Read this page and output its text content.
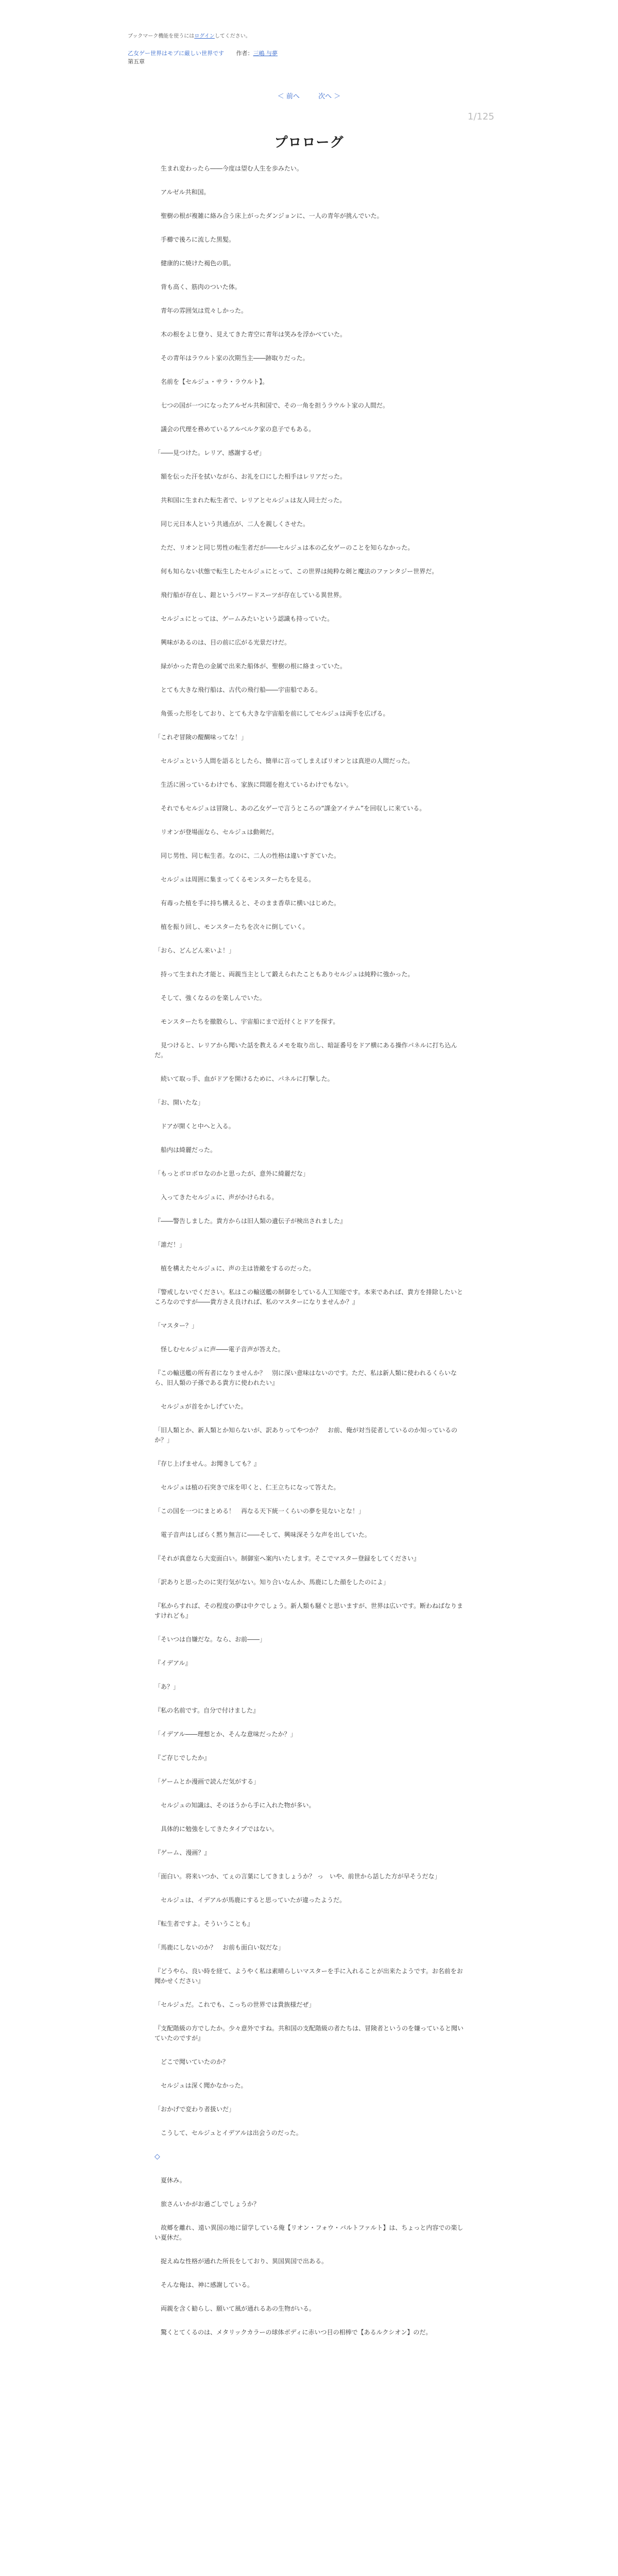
ブックマーク機能を使うにはログインしてください。
乙女ゲー世界はモブに厳しい世界です 作者：三嶋 与夢
第五章
＜ 前へ	次へ ＞
1/125
プロローグ

　生まれ変わったら――今度は望む人生を歩みたい。

　アルゼル共和国。

　聖樹の根が複雑に絡み合う床上がったダンジョンに、一人の青年が挑んでいた。

　手櫛で後ろに流した黒髪。

　健康的に焼けた褐色の肌。

　背も高く、筋肉のついた体。

　青年の雰囲気は荒々しかった。

　木の根をよじ登り、見えてきた青空に青年は笑みを浮かべていた。

　その青年はラウルト家の次期当主――跡取りだった。

　名前を【セルジュ・サラ・ラウルト】。

　七つの国が一つになったアルゼル共和国で、その一角を担うラウルト家の人間だ。

　議会の代理を務めているアルベルク家の息子でもある。

「――見つけた。レリア、感謝するぜ」

　額を伝った汗を拭いながら、お礼を口にした相手はレリアだった。

　共和国に生まれた転生者で、レリアとセルジュは友人同士だった。

　同じ元日本人という共通点が、二人を親しくさせた。

　ただ、リオンと同じ男性の転生者だが――セルジュは本の乙女ゲーのことを知らなかった。

　何も知らない状態で転生したセルジュにとって、この世界は純粋な剣と魔法のファンタジー世界だ。

　飛行船が存在し、鎧というパワードスーツが存在している異世界。

　セルジュにとっては、ゲームみたいという認識も持っていた。

　興味があるのは、目の前に広がる光景だけだ。

　緑がかった青色の金属で出来た船体が、聖樹の根に絡まっていた。

　とても大きな飛行船は、古代の飛行船――宇宙船である。

　角張った形をしており、とても大きな宇宙船を前にしてセルジュは両手を広げる。

「これぞ冒険の醍醐味ってな！」

　セルジュという人間を語るとしたら、簡単に言ってしまえばリオンとは真逆の人間だった。

　生活に困っているわけでも、家族に問題を抱えているわけでもない。

　それでもセルジュは冒険し、あの乙女ゲーで言うところの“課金アイテム”を回収しに来ている。

　リオンが登場面なら、セルジュは動剣だ。

　同じ男性、同じ転生者。なのに、二人の性格は違いすぎていた。

　セルジュは周囲に集まってくるモンスターたちを見る。

　有毒った植を手に持ち構えると、そのまま香草に横いはじめた。

　植を振り回し、モンスターたちを次々に倒していく。

「おら、どんどん来いよ！」

　持って生まれた才能と、両親当主として鍛えられたこともありセルジュは純粋に強かった。

　そして、強くなるのを楽しんでいた。

　モンスターたちを撤散らし、宇宙船にまで近付くとドアを探す。

　見つけると、レリアから聞いた話を教えるメモを取り出し、暗証番号をドア横にある操作パネルに打ち込んだ。

　続いて取っ手、血がドアを開けるために、パネルに打撃した。

「お、開いたな」

　ドアが開くと中へと入る。

　船内は綺麗だった。

「もっとボロボロなのかと思ったが、意外に綺麗だな」

　入ってきたセルジュに、声がかけられる。

『――警告しました。貴方からは旧人類の遺伝子が検出されました』

「誰だ！」

　植を構えたセルジュに、声の主は皆敵をするのだった。

『警戒しないでください。私はこの輸送艦の制御をしている人工知能です。本来であれば、貴方を排除したいところなのですが――貴方さえ良ければ、私のマスターになりませんか？』

「マスター？」

　怪しむセルジュに声――電子音声が答えた。

『この輸送艦の所有者になりませんか？　別に深い意味はないのです。ただ、私は新人類に使われるくらいなら、旧人類の子孫である貴方に使われたい』

　セルジュが首をかしげていた。

「旧人類とか、新人類とか知らないが、訳ありってやつか？　お前、俺が対当従者しているのか知っているのか？」

『存じ上げません。お聞きしても？』

　セルジュは植の石突きで床を叩くと、仁王立ちになって答えた。

「この国を一つにまとめる！　再なる天下統一くらいの夢を見ないとな！」

　電子音声はしばらく黙り無言に――そして、興味深そうな声を出していた。

『それが真意なら大変面白い。制御室へ案内いたします。そこでマスター登録をしてください』

「訳ありと思ったのに実行気がない。知り合いなんか、馬鹿にした顔をしたのによ」

『私からすれば、その程度の夢は中クでしょう。新人類も騒ぐと思いますが、世界は広いです。断わねばなりますけれども』

「そいつは自嫌だな。なら、お前――」

『イデアル』

「あ？」

『私の名前です。自分で付けました』

「イデアル――理想とか、そんな意味だったか？」

『ご存じでしたか』

「ゲームとか漫画で読んだ気がする」

　セルジュの知識は、そのほうから手に入れた物が多い。

　具体的に勉強をしてきたタイプではない。

『ゲーム、漫画？』

「面白い。将来いつか、てぇの言葉にしてきましょうか？ っ　いや、前世から話した方が早そうだな」

　セルジュは、イデアルが馬鹿にすると思っていたが違ったようだ。

『転生者ですよ。そういうことも』

「馬鹿にしないのか？　お前も面白い奴だな」

『どうやら、良い時を経て、ようやく私は素晴らしいマスターを手に入れることが出来たようです。お名前をお聞かせください』

「セルジュだ。これでも、こっちの世界では貴族様だぜ」

『支配階級の方でしたか。少々意外ですね。共和国の支配階級の者たちは、冒険者というのを嫌っていると聞いていたのですが』

　どこで聞いていたのか？

　セルジュは深く聞かなかった。

「おかげで変わり者扱いだ」

　こうして、セルジュとイデアルは出会うのだった。

◇

　夏休み。

　旅さんいかがお過ごしでしょうか？

　故郷を離れ、遠い異国の地に留学している俺【リオン・フォウ・バルトファルト】は、ちょっと内容での楽しい夏休だ。

　捉えぬな性格が通れた所長をしており、異国異国で出ある。

　そんな俺は、神に感謝している。

　両親を含く勧らし、願いて風が通れるあの生物がいる。

　驚くとてくるのは、メタリックカラーの球体ボディに赤いつ目の相棒で【あるルクシオン】のだ。
